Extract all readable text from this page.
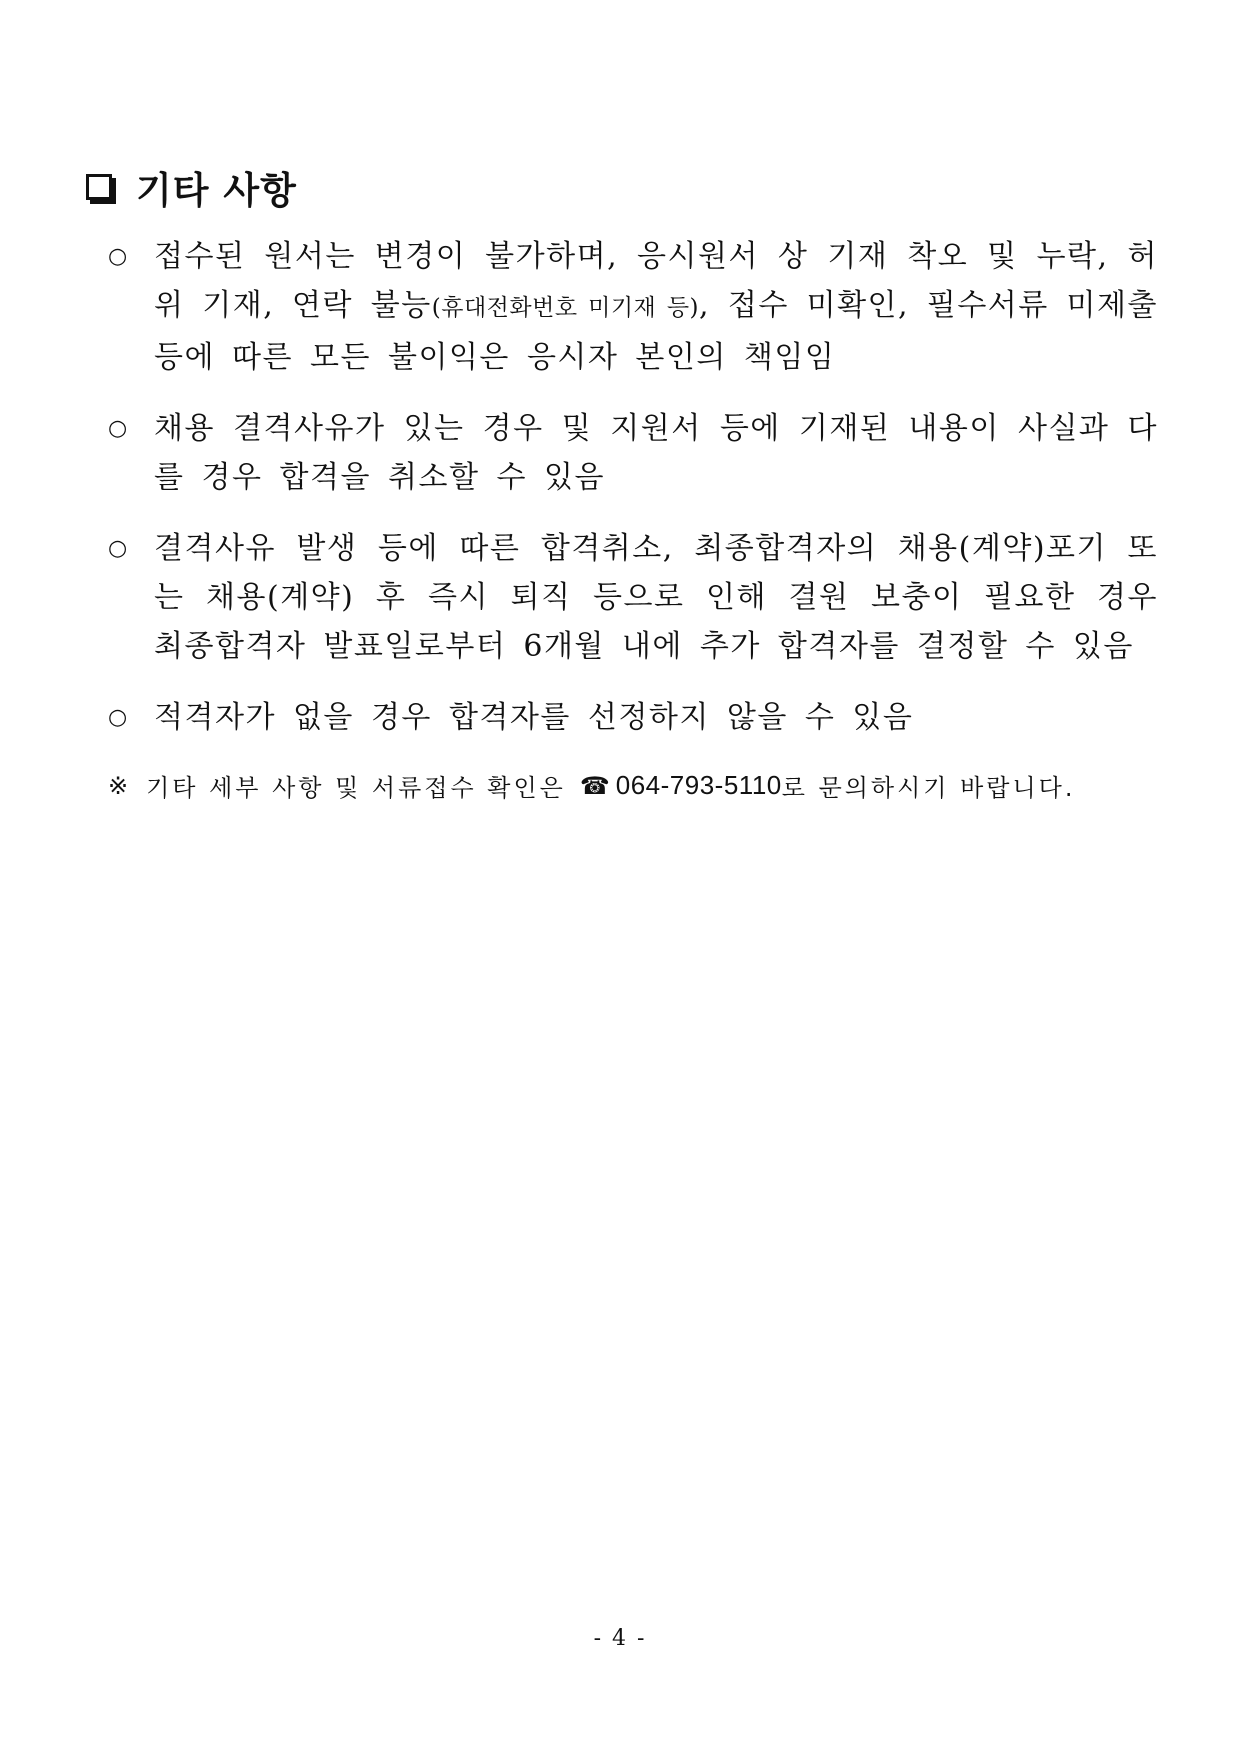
기타 사항
○ 접수된 원서는 변경이 불가하며, 응시원서 상 기재 착오 및 누락, 허위 기재, 연락 불능(휴대전화번호 미기재 등), 접수 미확인, 필수서류 미제출 등에 따른 모든 불이익은 응시자 본인의 책임임
○ 채용 결격사유가 있는 경우 및 지원서 등에 기재된 내용이 사실과 다를 경우 합격을 취소할 수 있음
○ 결격사유 발생 등에 따른 합격취소, 최종합격자의 채용(계약)포기 또는 채용(계약) 후 즉시 퇴직 등으로 인해 결원 보충이 필요한 경우 최종합격자 발표일로부터 6개월 내에 추가 합격자를 결정할 수 있음
○ 적격자가 없을 경우 합격자를 선정하지 않을 수 있음
※ 기타 세부 사항 및 서류접수 확인은 ☎ 064-793-5110 로 문의하시기 바랍니다.
- 4 -
